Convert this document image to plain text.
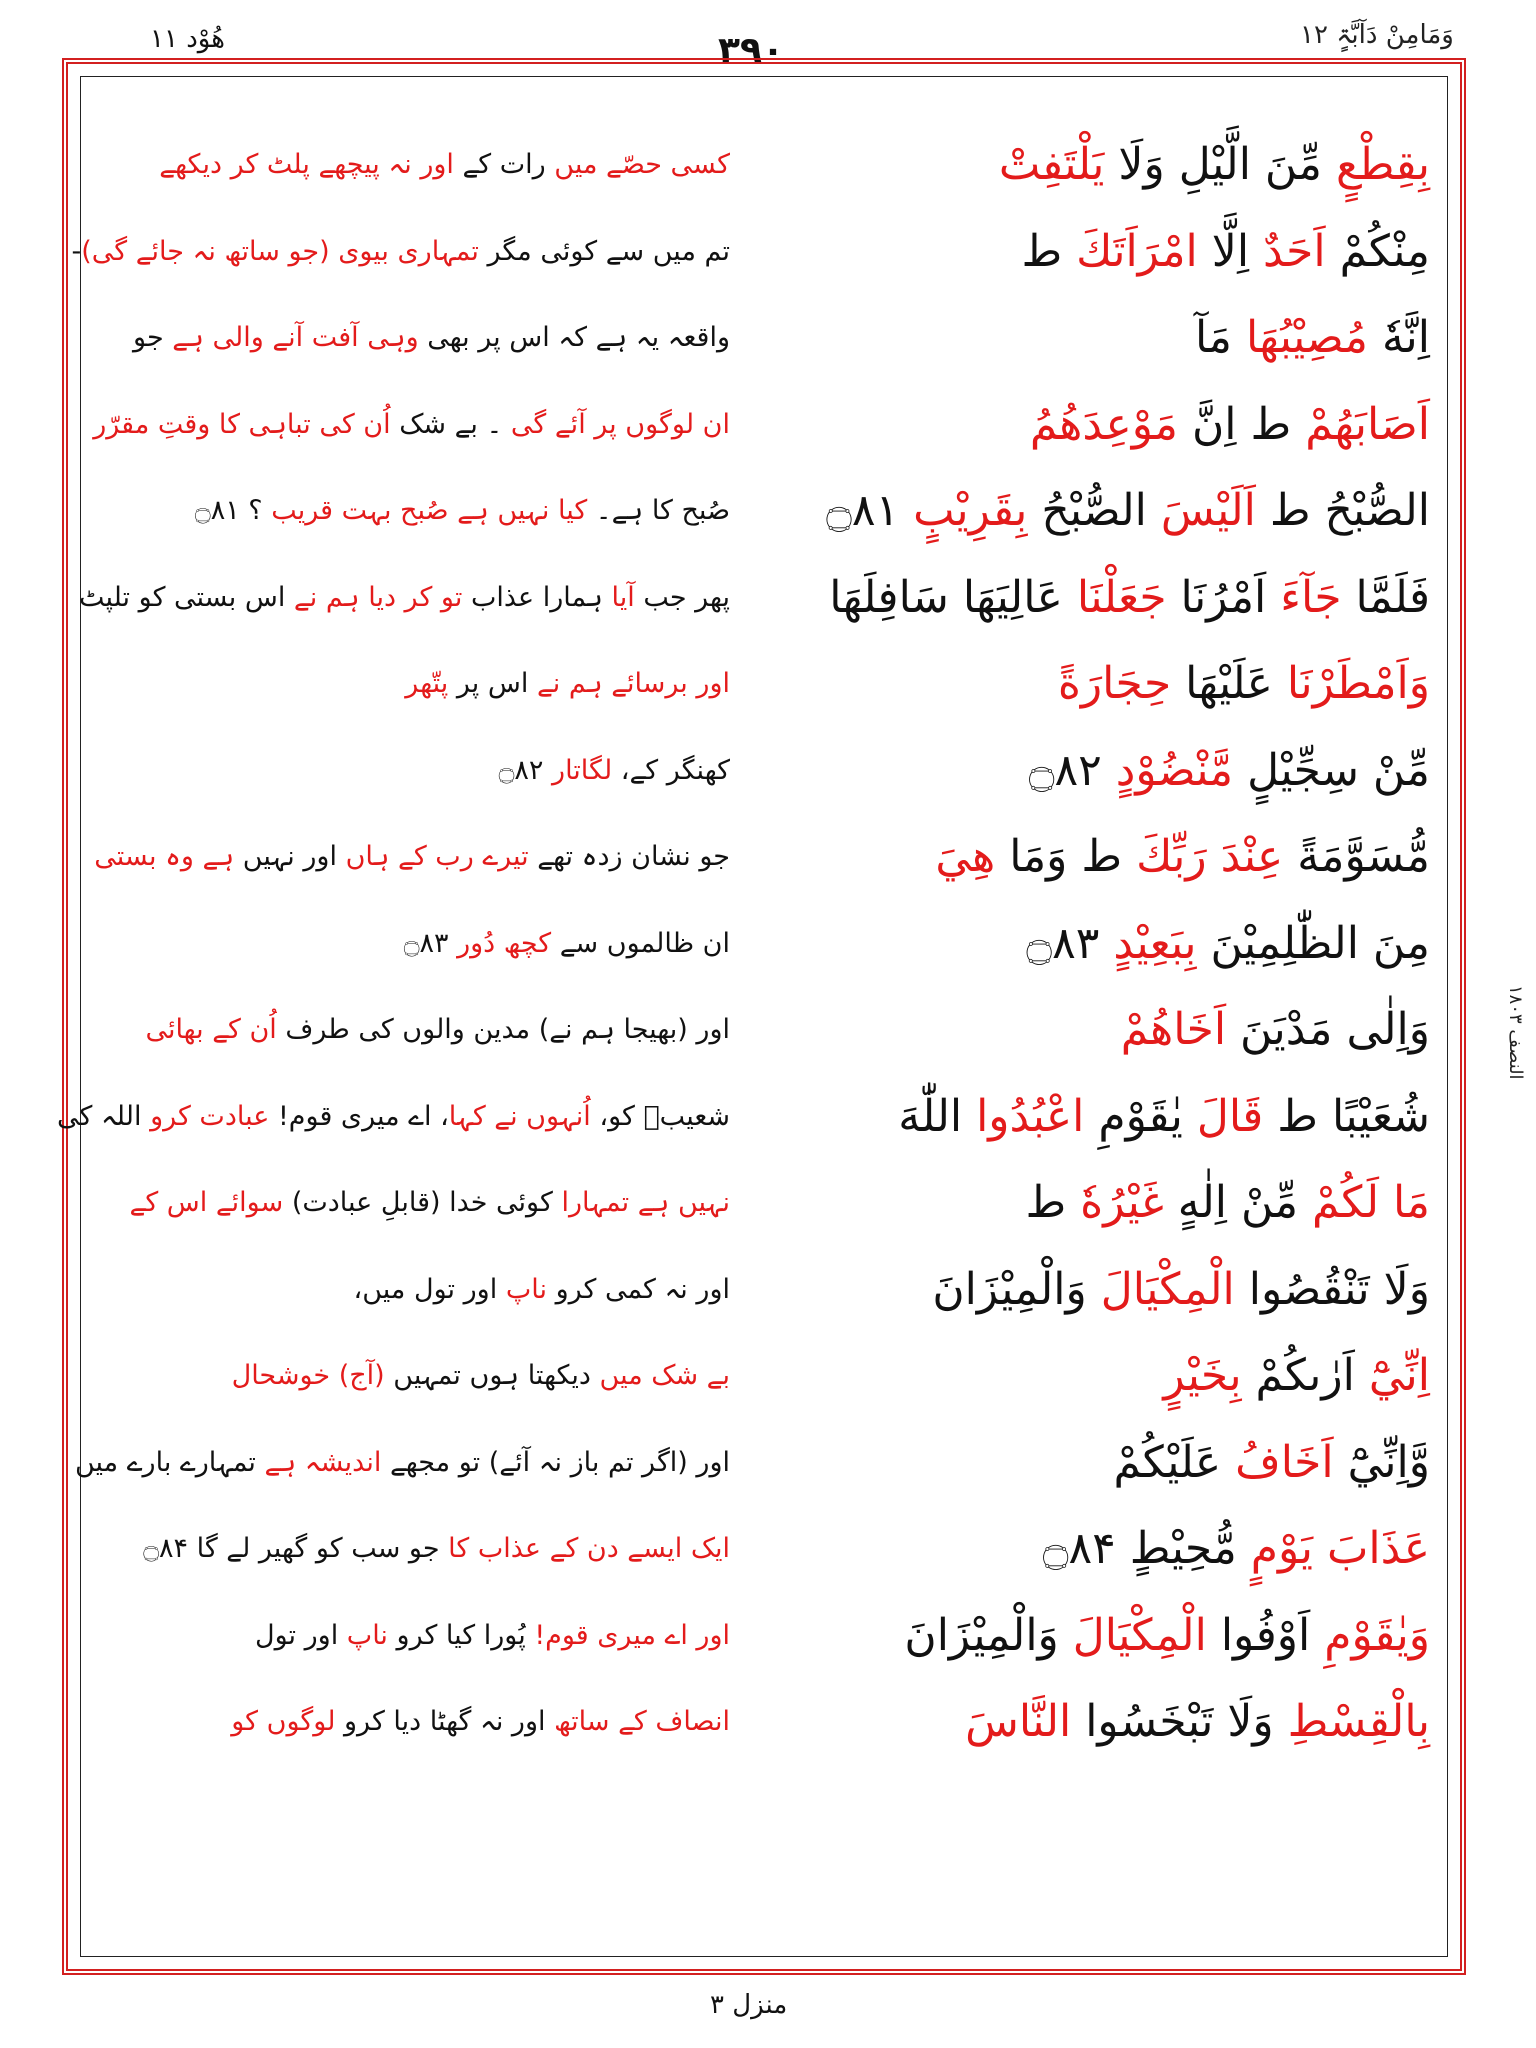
ھُوْد ۱۱	۳۹۰	وَمَامِنْ دَآبَّۃٍ ۱۲
النصف ۱۸۰۳
بِقِطْعٍ مِّنَ الَّيْلِ وَلَا يَلْتَفِتْ
کسی حصّے میں رات کے اور نہ پیچھے پلٹ کر دیکھے
مِنْكُمْ اَحَدٌ اِلَّا امْرَاَتَكَ ط
تم میں سے کوئی مگر تمہاری بیوی (جو ساتھ نہ جائے گی)-
اِنَّهٗ مُصِيْبُهَا مَآ
واقعہ یہ ہے کہ اس پر بھی وہی آفت آنے والی ہے جو
اَصَابَهُمْ ط اِنَّ مَوْعِدَهُمُ
ان لوگوں پر آئے گی ۔ بے شک اُن کی تباہی کا وقتِ مقرّر
الصُّبْحُ ط اَلَيْسَ الصُّبْحُ بِقَرِيْبٍ ۝۸۱
صُبح کا ہے۔ کیا نہیں ہے صُبح بہت قریب ؟ ۝۸۱
فَلَمَّا جَآءَ اَمْرُنَا جَعَلْنَا عَالِيَهَا سَافِلَهَا
پھر جب آیا ہمارا عذاب تو کر دیا ہم نے اس بستی کو تلپٹ
وَاَمْطَرْنَا عَلَيْهَا حِجَارَةً
اور برسائے ہم نے اس پر پتّھر
مِّنْ سِجِّيْلٍ مَّنْضُوْدٍ ۝۸۲
کھنگر کے، لگاتار ۝۸۲
مُّسَوَّمَةً عِنْدَ رَبِّكَ ط وَمَا هِيَ
جو نشان زدہ تھے تیرے رب کے ہاں اور نہیں ہے وہ بستی
مِنَ الظّٰلِمِيْنَ بِبَعِيْدٍ ۝۸۳
ان ظالموں سے کچھ دُور ۝۸۳
وَاِلٰى مَدْيَنَ اَخَاهُمْ
اور (بھیجا ہم نے) مدین والوں کی طرف اُن کے بھائی
شُعَيْبًا ط قَالَ يٰقَوْمِ اعْبُدُوا اللّٰهَ
شعیبؑ کو، اُنہوں نے کہا، اے میری قوم! عبادت کرو اللہ کی
مَا لَكُمْ مِّنْ اِلٰهٍ غَيْرُهٗ ط
نہیں ہے تمہارا کوئی خدا (قابلِ عبادت) سوائے اس کے
وَلَا تَنْقُصُوا الْمِكْيَالَ وَالْمِيْزَانَ
اور نہ کمی کرو ناپ اور تول میں،
اِنِّيْٓ اَرٰىكُمْ بِخَيْرٍ
بے شک میں دیکھتا ہوں تمہیں (آج) خوشحال
وَّاِنِّيْٓ اَخَافُ عَلَيْكُمْ
اور (اگر تم باز نہ آئے) تو مجھے اندیشہ ہے تمہارے بارے میں
عَذَابَ يَوْمٍ مُّحِيْطٍ ۝۸۴
ایک ایسے دن کے عذاب کا جو سب کو گھیر لے گا ۝۸۴
وَيٰقَوْمِ اَوْفُوا الْمِكْيَالَ وَالْمِيْزَانَ
اور اے میری قوم! پُورا کیا کرو ناپ اور تول
بِالْقِسْطِ وَلَا تَبْخَسُوا النَّاسَ
انصاف کے ساتھ اور نہ گھٹا دیا کرو لوگوں کو
منزل ۳
